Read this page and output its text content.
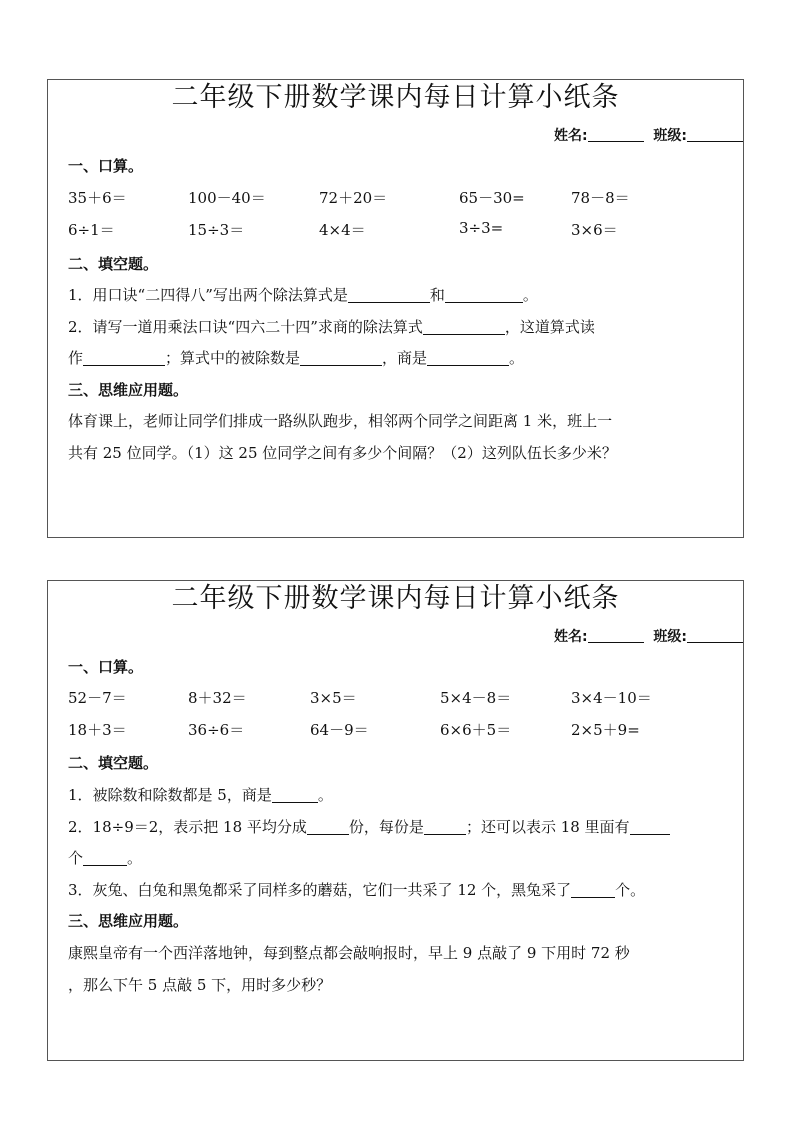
二年级下册数学课内每日计算小纸条
姓名:	班级:
一、口算。
35＋6＝	100－40＝	72＋20＝	65－30=	78－8＝
6÷1＝	15÷3＝	4×4＝	3÷3=	3×6＝
二、填空题。
1．用口诀“二四得八”写出两个除法算式是	和	。
2．请写一道用乘法口诀“四六二十四”求商的除法算式	，这道算式读
作	；算式中的被除数是	，商是	。
三、思维应用题。
体育课上，老师让同学们排成一路纵队跑步，相邻两个同学之间距离 1 米，班上一
共有 25 位同学。（1）这 25 位同学之间有多少个间隔？（2）这列队伍长多少米？
二年级下册数学课内每日计算小纸条
姓名:	班级:
一、口算。
52－7＝	8＋32＝	3×5＝	5×4－8＝	3×4－10＝
18＋3＝	36÷6＝	64－9＝	6×6＋5＝	2×5＋9=
二、填空题。
1．被除数和除数都是 5，商是	。
2．18÷9＝2，表示把 18 平均分成	份，每份是	；还可以表示 18 里面有
个	。
3．灰兔、白兔和黑兔都采了同样多的蘑菇，它们一共采了 12 个，黑兔采了	个。
三、思维应用题。
康熙皇帝有一个西洋落地钟，每到整点都会敲响报时，早上 9 点敲了 9 下用时 72 秒
，那么下午 5 点敲 5 下，用时多少秒？
